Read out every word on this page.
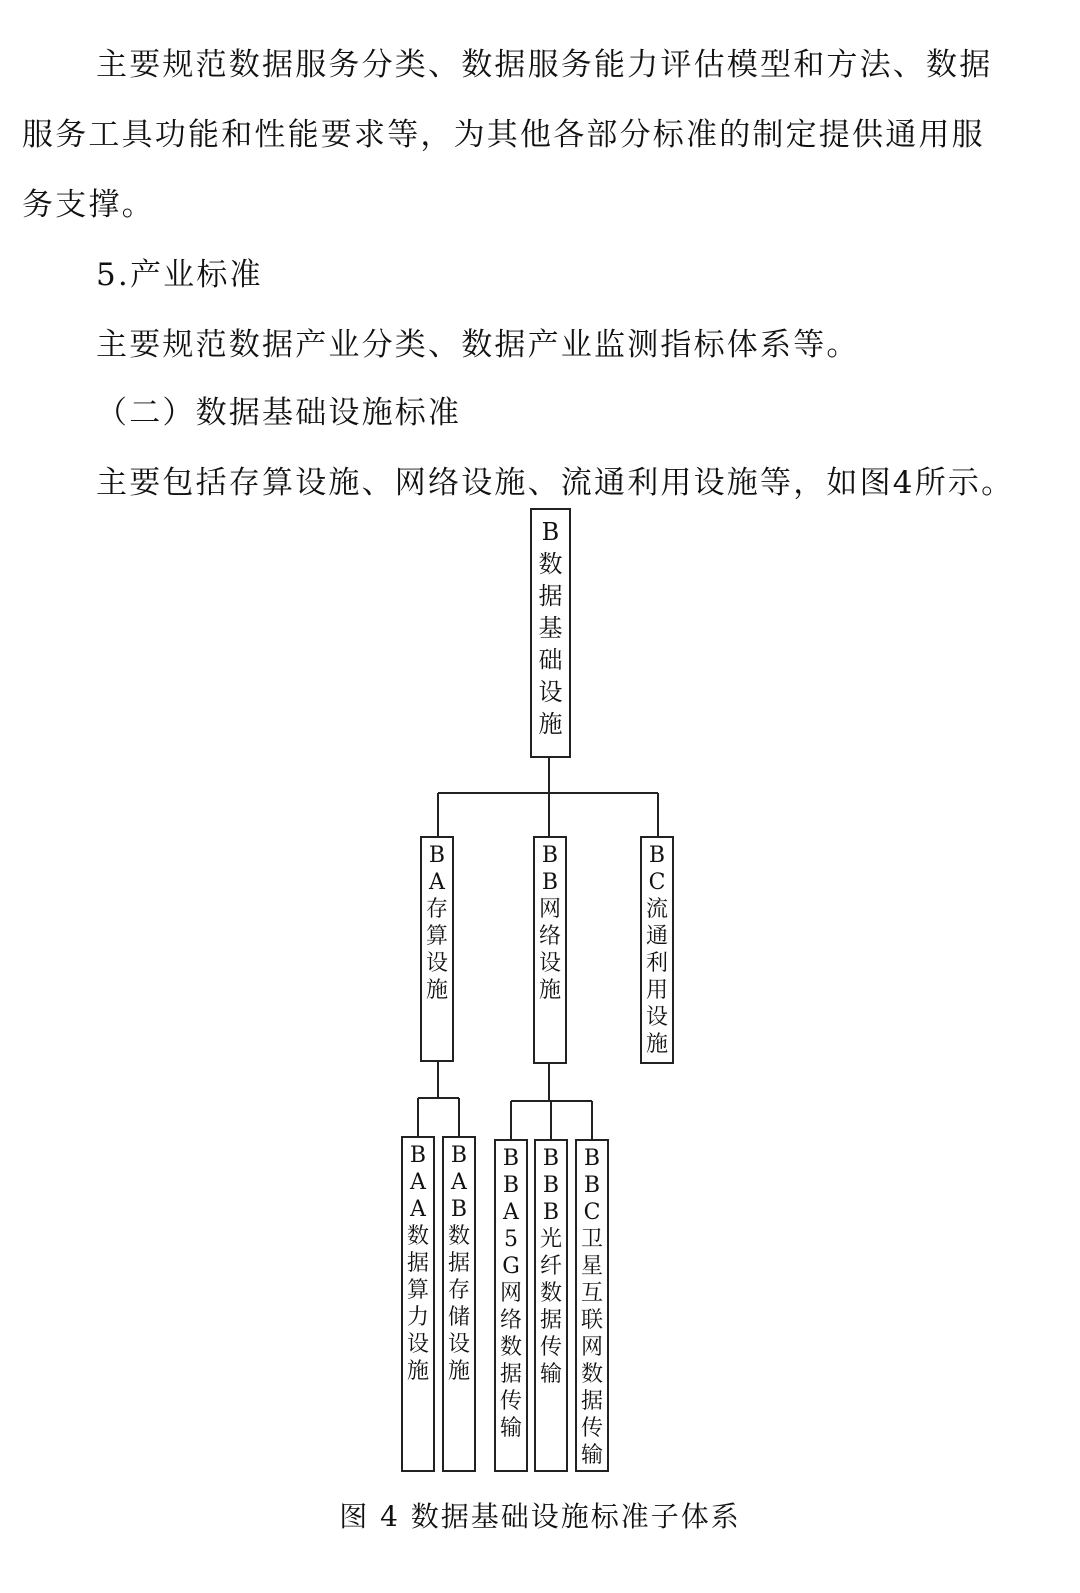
主要规范数据服务分类、数据服务能力评估模型和方法、数据
服务工具功能和性能要求等，为其他各部分标准的制定提供通用服
务支撑。
5.产业标准
主要规范数据产业分类、数据产业监测指标体系等。
（二）数据基础设施标准
主要包括存算设施、网络设施、流通利用设施等，如图4所示。
B
数
据
基
础
设
施
B
A
存
算
设
施
B
B
网
络
设
施
B
C
流
通
利
用
设
施
B
A
A
数
据
算
力
设
施
B
A
B
数
据
存
储
设
施
B
B
A
5
G
网
络
数
据
传
输
B
B
B
光
纤
数
据
传
输
B
B
C
卫
星
互
联
网
数
据
传
输
图 4 数据基础设施标准子体系
